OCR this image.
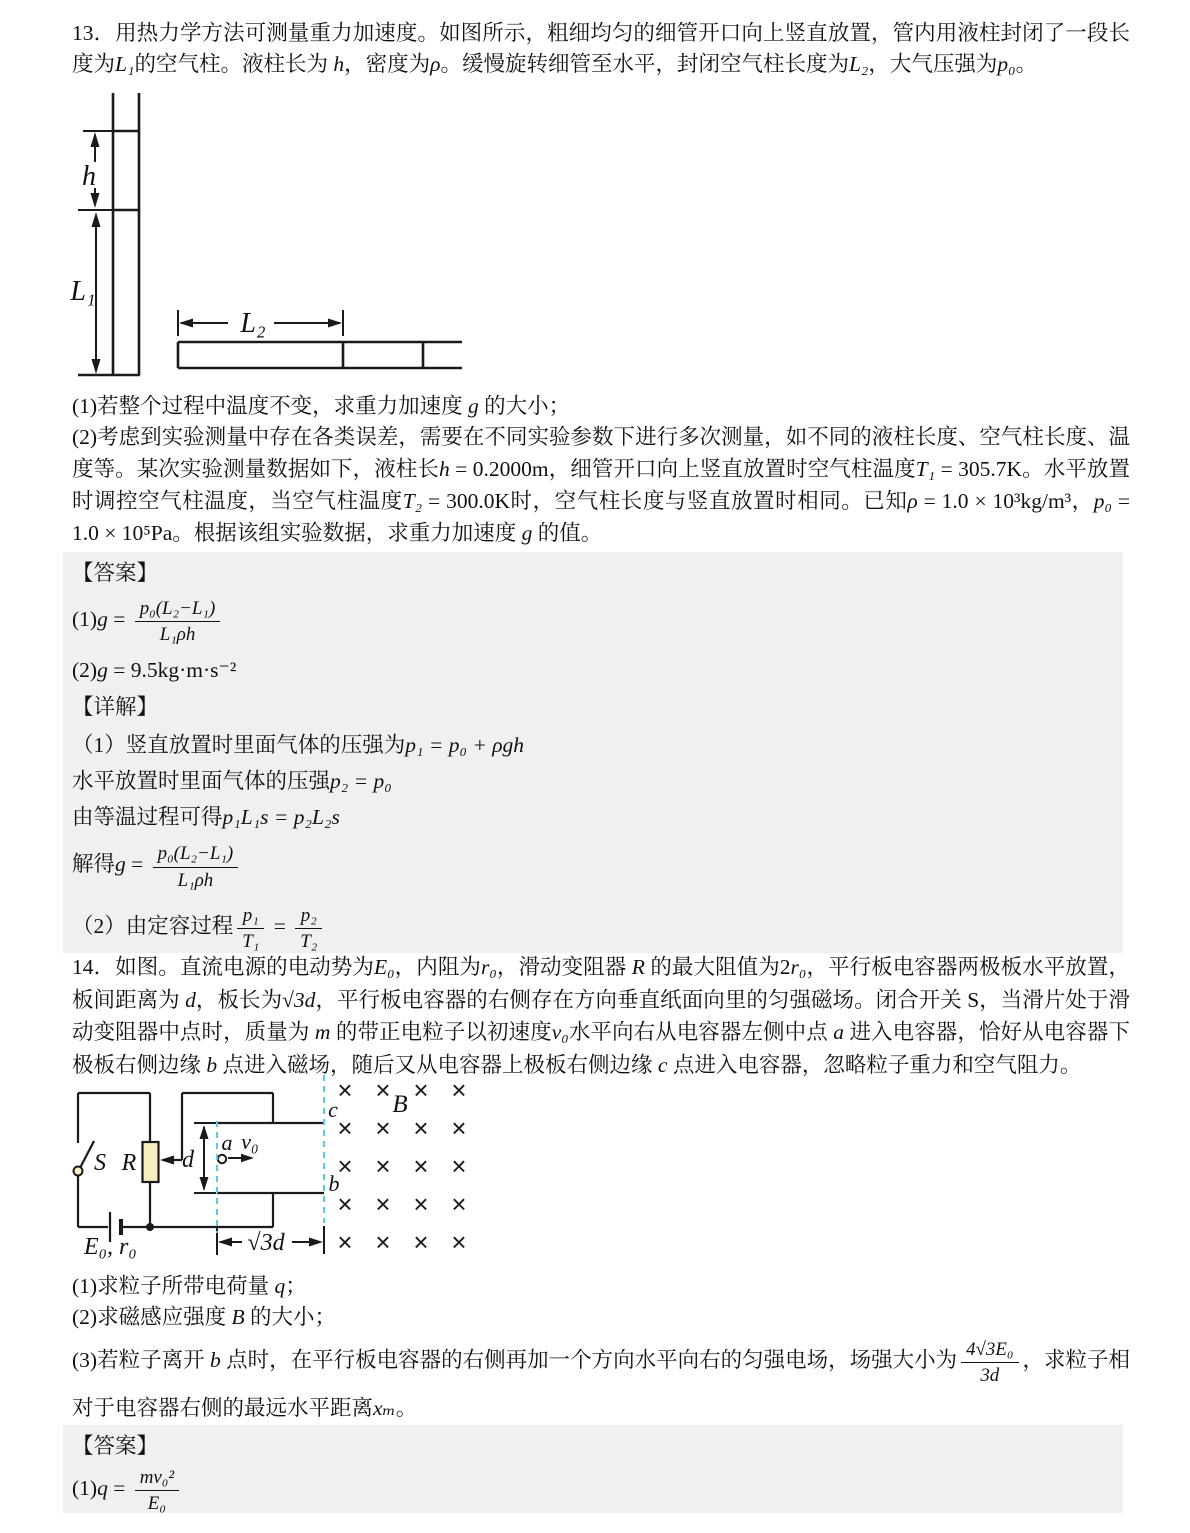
13．用热力学方法可测量重力加速度。如图所示，粗细均匀的细管开口向上竖直放置，管内用液柱封闭了一段长度为L₁的空气柱。液柱长为 h，密度为ρ。缓慢旋转细管至水平，封闭空气柱长度为L₂，大气压强为p₀。
h
L₁
L₂
(1)若整个过程中温度不变，求重力加速度 g 的大小；
(2)考虑到实验测量中存在各类误差，需要在不同实验参数下进行多次测量，如不同的液柱长度、空气柱长度、温度等。某次实验测量数据如下，液柱长h = 0.2000m，细管开口向上竖直放置时空气柱温度T₁ = 305.7K。水平放置时调控空气柱温度，当空气柱温度T₂ = 300.0K时，空气柱长度与竖直放置时相同。已知ρ = 1.0 × 10³kg/m³，p₀ = 1.0 × 10⁵Pa。根据该组实验数据，求重力加速度 g 的值。
【答案】
$(1)g = \frac{\text{p₀(L₂−L₁)}}{\text{L₁ρh}}$
(2)g = 9.5kg·m·s⁻²
【详解】
（1）竖直放置时里面气体的压强为p₁ = p₀ + ρgh
水平放置时里面气体的压强p₂ = p₀
由等温过程可得p₁L₁s = p₂L₂s
解得$g = \frac{\text{p₀(L₂−L₁)}}{\text{L₁ρh}}$
（2）由定容过程 $\frac{\text{p₁}}{\text{T₁}} = \frac{\text{p₂}}{\text{T₂}}$
14．如图。直流电源的电动势为E₀，内阻为r₀，滑动变阻器 R 的最大阻值为2r₀，平行板电容器两极板水平放置，板间距离为 d，板长为√3d，平行板电容器的右侧存在方向垂直纸面向里的匀强磁场。闭合开关 S，当滑片处于滑动变阻器中点时，质量为 m 的带正电粒子以初速度v₀水平向右从电容器左侧中点 a 进入电容器，恰好从电容器下极板右侧边缘 b 点进入磁场，随后又从电容器上极板右侧边缘 c 点进入电容器，忽略粒子重力和空气阻力。
S R d
a v₀
E₀, r₀	√3d
c B
b
× × × ×
× × × ×
× × × ×
× × × ×
× × × ×
(1)求粒子所带电荷量 q；
(2)求磁感应强度 B 的大小；
(3)若粒子离开 b 点时，在平行板电容器的右侧再加一个方向水平向右的匀强电场，场强大小为 $\frac{\text{4√3E₀}}{3d}$ ，求粒子相对于电容器右侧的最远水平距离xₘ。
【答案】
$(1)q = \frac{\text{mv₀²}}{\text{E₀}}$
